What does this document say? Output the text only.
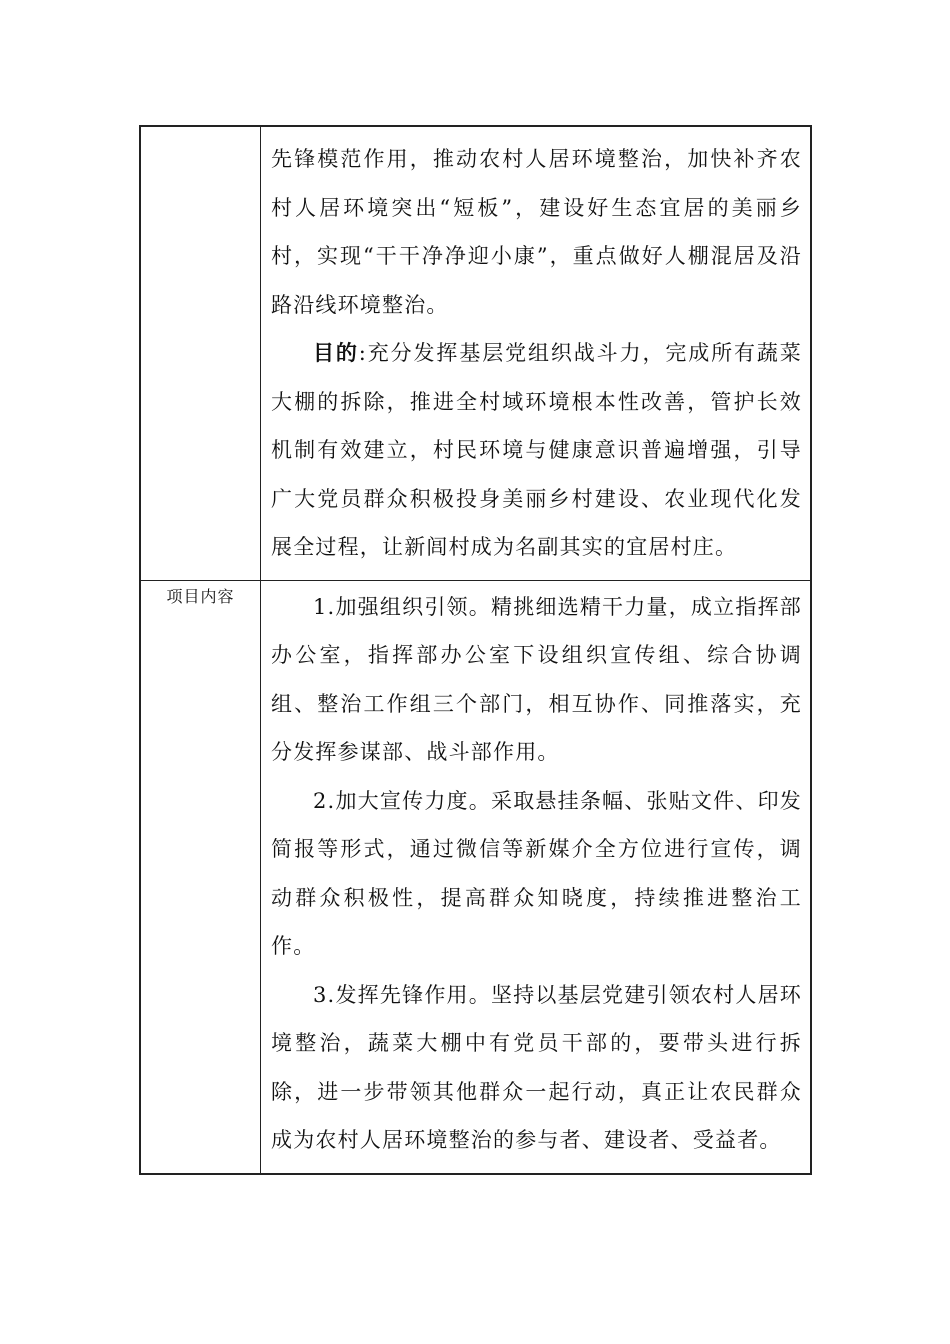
	先锋模范作用，推动农村人居环境整治，加快补齐农村人居环境突出“短板”，建设好生态宜居的美丽乡村，实现“干干净净迎小康”，重点做好人棚混居及沿路沿线环境整治。

目的:充分发挥基层党组织战斗力，完成所有蔬菜大棚的拆除，推进全村域环境根本性改善，管护长效机制有效建立，村民环境与健康意识普遍增强，引导广大党员群众积极投身美丽乡村建设、农业现代化发展全过程，让新闾村成为名副其实的宜居村庄。

项目内容	1.加强组织引领。精挑细选精干力量，成立指挥部办公室，指挥部办公室下设组织宣传组、综合协调组、整治工作组三个部门，相互协作、同推落实，充分发挥参谋部、战斗部作用。

2.加大宣传力度。采取悬挂条幅、张贴文件、印发简报等形式，通过微信等新媒介全方位进行宣传，调动群众积极性，提高群众知晓度，持续推进整治工作。

3.发挥先锋作用。坚持以基层党建引领农村人居环境整治，蔬菜大棚中有党员干部的，要带头进行拆除，进一步带领其他群众一起行动，真正让农民群众成为农村人居环境整治的参与者、建设者、受益者。
